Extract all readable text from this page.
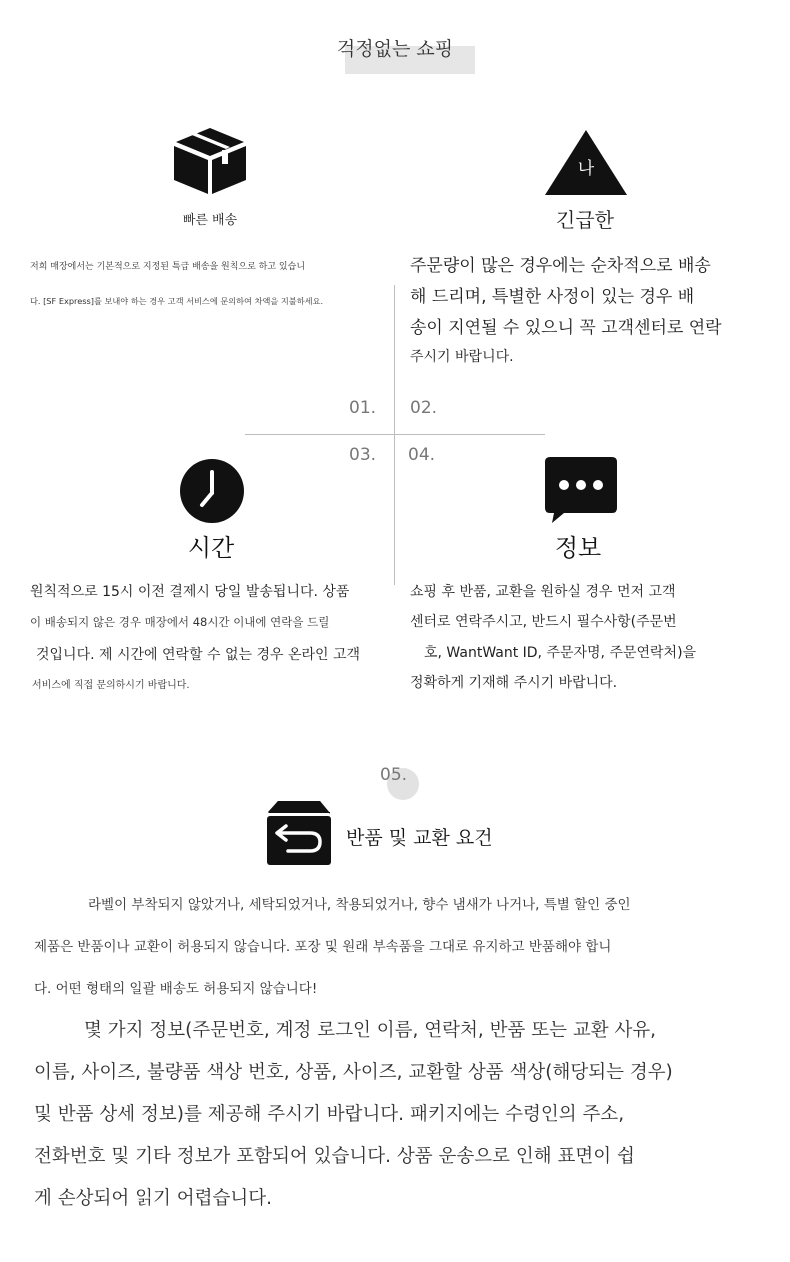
걱정없는 쇼핑
빠른 배송
저희 매장에서는 기본적으로 지정된 특급 배송을 원칙으로 하고 있습니
다. [SF Express]를 보내야 하는 경우 고객 서비스에 문의하여 차액을 지불하세요.
나
긴급한
주문량이 많은 경우에는 순차적으로 배송
해 드리며, 특별한 사정이 있는 경우 배
송이 지연될 수 있으니 꼭 고객센터로 연락
주시기 바랍니다.
01. 02.
03. 04.
시간
원칙적으로 15시 이전 결제시 당일 발송됩니다. 상품
이 배송되지 않은 경우 매장에서 48시간 이내에 연락을 드릴
것입니다. 제 시간에 연락할 수 없는 경우 온라인 고객
서비스에 직접 문의하시기 바랍니다.
정보
쇼핑 후 반품, 교환을 원하실 경우 먼저 고객
센터로 연락주시고, 반드시 필수사항(주문번
호, WantWant ID, 주문자명, 주문연락처)을
정확하게 기재해 주시기 바랍니다.
05.
반품 및 교환 요건
라벨이 부착되지 않았거나, 세탁되었거나, 착용되었거나, 향수 냄새가 나거나, 특별 할인 중인
제품은 반품이나 교환이 허용되지 않습니다. 포장 및 원래 부속품을 그대로 유지하고 반품해야 합니
다. 어떤 형태의 일괄 배송도 허용되지 않습니다!
몇 가지 정보(주문번호, 계정 로그인 이름, 연락처, 반품 또는 교환 사유,
이름, 사이즈, 불량품 색상 번호, 상품, 사이즈, 교환할 상품 색상(해당되는 경우)
및 반품 상세 정보)를 제공해 주시기 바랍니다. 패키지에는 수령인의 주소,
전화번호 및 기타 정보가 포함되어 있습니다. 상품 운송으로 인해 표면이 쉽
게 손상되어 읽기 어렵습니다.
